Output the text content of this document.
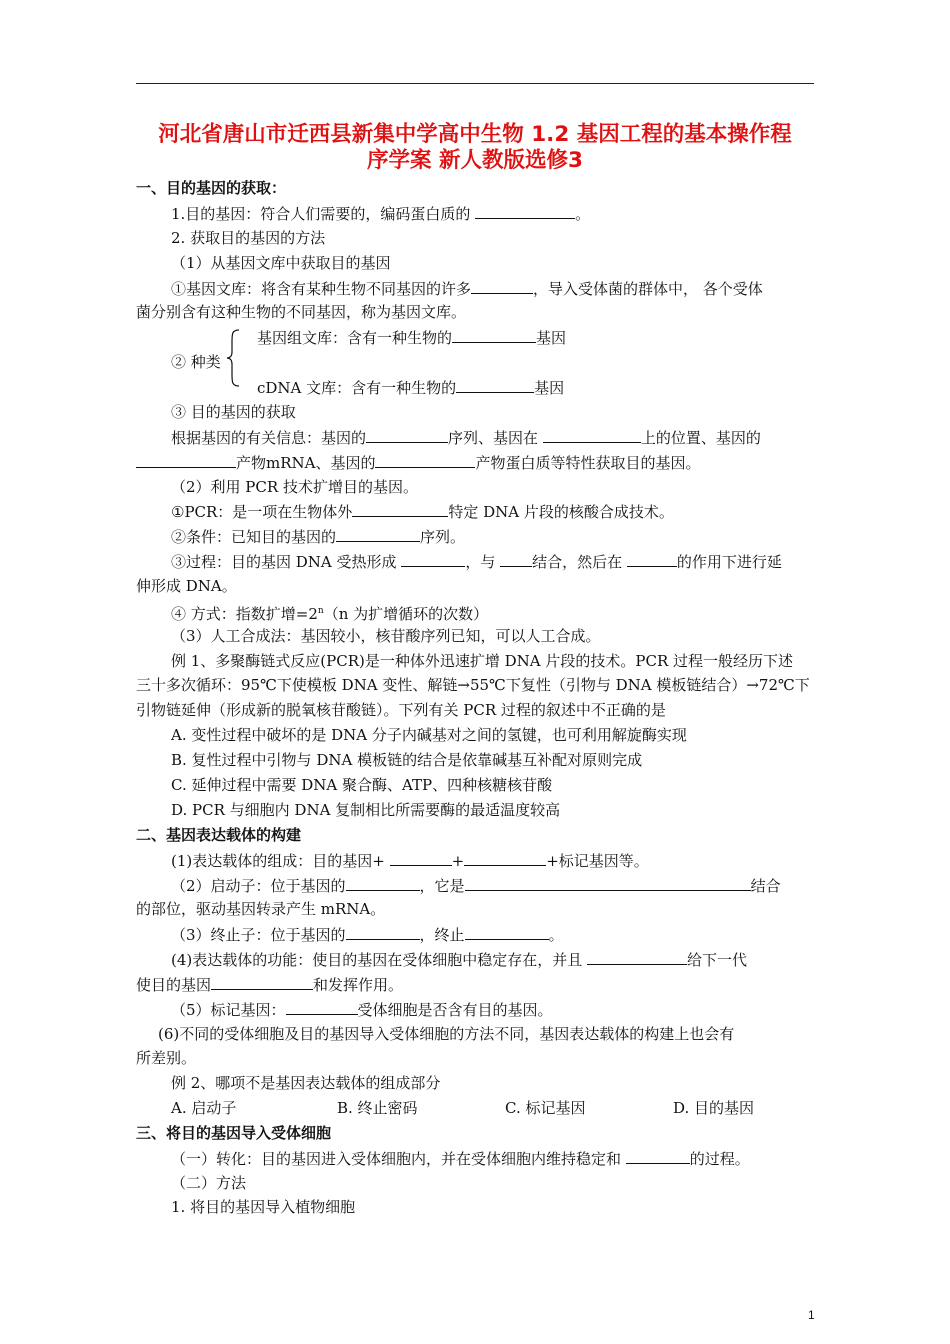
河北省唐山市迁西县新集中学高中生物 1.2 基因工程的基本操作程
序学案 新人教版选修3
一、目的基因的获取：
1.目的基因：符合人们需要的，编码蛋白质的	。
2. 获取目的基因的方法
（1）从基因文库中获取目的基因
①基因文库：将含有某种生物不同基因的许多	，导入受体菌的群体中， 各个受体
菌分别含有这种生物的不同基因，称为基因文库。
基因组文库：含有一种生物的	基因
② 种类
cDNA 文库：含有一种生物的	基因
③ 目的基因的获取
根据基因的有关信息：基因的	序列、基因在	上的位置、基因的
产物mRNA、基因的	产物蛋白质等特性获取目的基因。
（2）利用 PCR 技术扩增目的基因。
①PCR：是一项在生物体外	特定 DNA 片段的核酸合成技术。
②条件：已知目的基因的	序列。
③过程：目的基因 DNA 受热形成	，与 结合，然后在	的作用下进行延
伸形成 DNA。
④ 方式：指数扩增$=2^n(n$ 为扩增循环的次数）
（3）人工合成法：基因较小，核苷酸序列已知，可以人工合成。
例 1、多聚酶链式反应(PCR)是一种体外迅速扩增 DNA 片段的技术。PCR 过程一般经历下述
三十多次循环：95℃下使模板 DNA 变性、解链→55℃下复性（引物与 DNA 模板链结合）→72℃下
引物链延伸（形成新的脱氧核苷酸链）。下列有关 PCR 过程的叙述中不正确的是
A. 变性过程中破坏的是 DNA 分子内碱基对之间的氢键，也可利用解旋酶实现
B. 复性过程中引物与 DNA 模板链的结合是依靠碱基互补配对原则完成
C. 延伸过程中需要 DNA 聚合酶、ATP、四种核糖核苷酸
D. PCR 与细胞内 DNA 复制相比所需要酶的最适温度较高
二、基因表达载体的构建
(1)表达载体的组成：目的基因+	+	+标记基因等。
（2）启动子：位于基因的	，它是	结合
的部位，驱动基因转录产生 mRNA。
（3）终止子：位于基因的	，终止	。
(4)表达载体的功能：使目的基因在受体细胞中稳定存在，并且	给下一代
使目的基因	和发挥作用。
（5）标记基因：	受体细胞是否含有目的基因。
(6)不同的受体细胞及目的基因导入受体细胞的方法不同，基因表达载体的构建上也会有
所差别。
例 2、哪项不是基因表达载体的组成部分
A. 启动子	B. 终止密码	C. 标记基因	D. 目的基因
三、将目的基因导入受体细胞
（一）转化：目的基因进入受体细胞内，并在受体细胞内维持稳定和	的过程。
（二）方法
1. 将目的基因导入植物细胞
1
